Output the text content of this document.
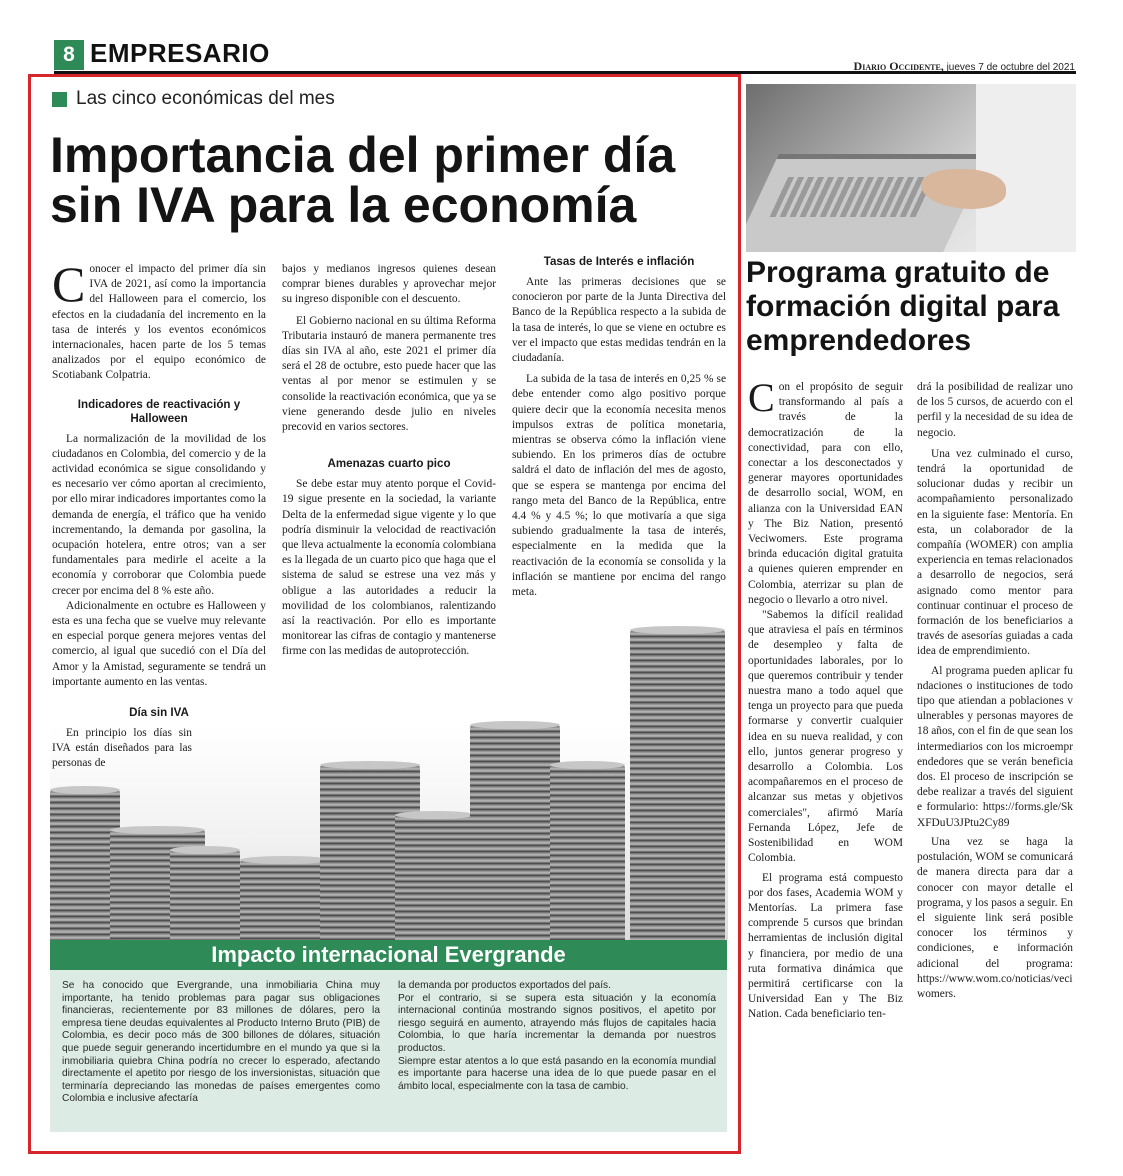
8 EMPRESARIO	Diario Occidente, jueves 7 de octubre del 2021
Las cinco económicas del mes
Importancia del primer día sin IVA para la economía

Conocer el impacto del primer día sin IVA de 2021, así como la importancia del Halloween para el comercio, los efectos en la ciudadanía del incremento en la tasa de interés y los eventos económicos internacionales, hacen parte de los 5 temas analizados por el equipo económico de Scotiabank Colpatria.

Indicadores de reactivación y Halloween

La normalización de la movilidad de los ciudadanos en Colombia, del comercio y de la actividad económica se sigue consolidando y es necesario ver cómo aportan al crecimiento, por ello mirar indicadores importantes como la demanda de energía, el tráfico que ha venido incrementando, la demanda por gasolina, la ocupación hotelera, entre otros; van a ser fundamentales para medirle el aceite a la economía y corroborar que Colombia puede crecer por encima del 8 % este año.

Adicionalmente en octubre es Halloween y esta es una fecha que se vuelve muy relevante en especial porque genera mejores ventas del comercio, al igual que sucedió con el Día del Amor y la Amistad, seguramente se tendrá un importante aumento en las ventas.

Día sin IVA

En principio los días sin IVA están diseñados para las personas de

bajos y medianos ingresos quienes desean comprar bienes durables y aprovechar mejor su ingreso disponible con el descuento.

El Gobierno nacional en su última Reforma Tributaria instauró de manera permanente tres días sin IVA al año, este 2021 el primer día será el 28 de octubre, esto puede hacer que las ventas al por menor se estimulen y se consolide la reactivación económica, que ya se viene generando desde julio en niveles precovid en varios sectores.

Amenazas cuarto pico

Se debe estar muy atento porque el Covid-19 sigue presente en la sociedad, la variante Delta de la enfermedad sigue vigente y lo que podría disminuir la velocidad de reactivación que lleva actualmente la economía colombiana es la llegada de un cuarto pico que haga que el sistema de salud se estrese una vez más y obligue a las autoridades a reducir la movilidad de los colombianos, ralentizando así la reactivación. Por ello es importante monitorear las cifras de contagio y mantenerse firme con las medidas de autoprotección.

Tasas de Interés e inflación

Ante las primeras decisiones que se conocieron por parte de la Junta Directiva del Banco de la República respecto a la subida de la tasa de interés, lo que se viene en octubre es ver el impacto que estas medidas tendrán en la ciudadanía.

La subida de la tasa de interés en 0,25 % se debe entender como algo positivo porque quiere decir que la economía necesita menos impulsos extras de política monetaria, mientras se observa cómo la inflación viene subiendo. En los primeros días de octubre saldrá el dato de inflación del mes de agosto, que se espera se mantenga por encima del rango meta del Banco de la República, entre 4.4 % y 4.5 %; lo que motivaría a que siga subiendo gradualmente la tasa de interés, especialmente en la medida que la reactivación de la economía se consolida y la inflación se mantiene por encima del rango meta.

Impacto internacional Evergrande
Se ha conocido que Evergrande, una inmobiliaria China muy importante, ha tenido problemas para pagar sus obligaciones financieras, recientemente por 83 millones de dólares, pero la empresa tiene deudas equivalentes al Producto Interno Bruto (PIB) de Colombia, es decir poco más de 300 billones de dólares, situación que puede seguir generando incertidumbre en el mundo ya que si la inmobiliaria quiebra China podría no crecer lo esperado, afectando directamente el apetito por riesgo de los inversionistas, situación que terminaría depreciando las monedas de países emergentes como Colombia e inclusive afectaría

la demanda por productos exportados del país.

Por el contrario, si se supera esta situación y la economía internacional continúa mostrando signos positivos, el apetito por riesgo seguirá en aumento, atrayendo más flujos de capitales hacia Colombia, lo que haría incrementar la demanda por nuestros productos.

Siempre estar atentos a lo que está pasando en la economía mundial es importante para hacerse una idea de lo que puede pasar en el ámbito local, especialmente con la tasa de cambio.

Programa gratuito de formación digital para emprendedores

Con el propósito de seguir transformando al país a través de la democratización de la conectividad, para con ello, conectar a los desconectados y generar mayores oportunidades de desarrollo social, WOM, en alianza con la Universidad EAN y The Biz Nation, presentó Veciwomers. Este programa brinda educación digital gratuita a quienes quieren emprender en Colombia, aterrizar su plan de negocio o llevarlo a otro nivel.

"Sabemos la difícil realidad que atraviesa el país en términos de desempleo y falta de oportunidades laborales, por lo que queremos contribuir y tender nuestra mano a todo aquel que tenga un proyecto para que pueda formarse y convertir cualquier idea en su nueva realidad, y con ello, juntos generar progreso y desarrollo a Colombia. Los acompañaremos en el proceso de alcanzar sus metas y objetivos comerciales", afirmó María Fernanda López, Jefe de Sostenibilidad en WOM Colombia.

El programa está compuesto por dos fases, Academia WOM y Mentorías. La primera fase comprende 5 cursos que brindan herramientas de inclusión digital y financiera, por medio de una ruta formativa dinámica que permitirá certificarse con la Universidad Ean y The Biz Nation. Cada beneficiario ten-

drá la posibilidad de realizar uno de los 5 cursos, de acuerdo con el perfil y la necesidad de su idea de negocio.

Una vez culminado el curso, tendrá la oportunidad de solucionar dudas y recibir un acompañamiento personalizado en la siguiente fase: Mentoría. En esta, un colaborador de la compañía (WOMER) con amplia experiencia en temas relacionados a desarrollo de negocios, será asignado como mentor para continuar continuar el proceso de formación de los beneficiarios a través de asesorías guiadas a cada idea de emprendimiento.

Al programa pueden aplicar fundaciones o instituciones de todo tipo que atiendan a poblaciones vulnerables y personas mayores de 18 años, con el fin de que sean los intermediarios con los microemprendedores que se verán beneficiados. El proceso de inscripción se debe realizar a través del siguiente formulario: https://forms.gle/SkXFDuU3JPtu2Cy89

Una vez se haga la postulación, WOM se comunicará de manera directa para dar a conocer con mayor detalle el programa, y los pasos a seguir. En el siguiente link será posible conocer los términos y condiciones, e información adicional del programa: https://www.wom.co/noticias/veciwomers.
